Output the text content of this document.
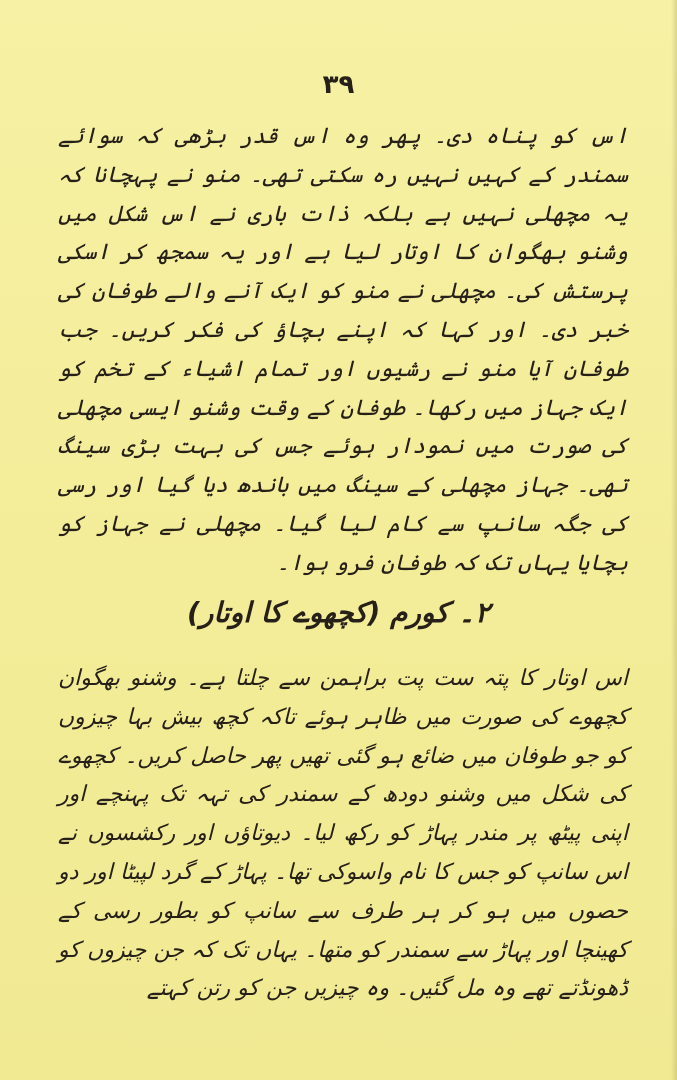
۳۹
اس کو پناہ دی۔ پھر وہ اس قدر بڑھی کہ سوائے سمندر کے کہیں نہیں رہ سکتی تھی۔ منو نے پہچانا کہ یہ مچھلی نہیں ہے بلکہ ذات باری نے اس شکل میں وشنو بھگوان کا اوتار لیا ہے اور یہ سمجھ کر اسکی پرستش کی۔ مچھلی نے منو کو ایک آنے والے طوفان کی خبر دی۔ اور کہا کہ اپنے بچاؤ کی فکر کریں۔ جب طوفان آیا منو نے رشیوں اور تمام اشیاء کے تخم کو ایک جہاز میں رکھا۔ طوفان کے وقت وشنو ایسی مچھلی کی صورت میں نمودار ہوئے جس کی بہت بڑی سینگ تھی۔ جہاز مچھلی کے سینگ میں باندھ دیا گیا اور رسی کی جگہ سانپ سے کام لیا گیا۔ مچھلی نے جہاز کو بچایا یہاں تک کہ طوفان فرو ہوا۔
۲۔ کورم (کچھوے کا اوتار)
اس اوتار کا پتہ ست پت براہمن سے چلتا ہے۔ وشنو بھگوان کچھوے کی صورت میں ظاہر ہوئے تاکہ کچھ بیش بہا چیزوں کو جو طوفان میں ضائع ہو گئی تھیں پھر حاصل کریں۔ کچھوے کی شکل میں وشنو دودھ کے سمندر کی تہہ تک پہنچے اور اپنی پیٹھ پر مندر پہاڑ کو رکھ لیا۔ دیوتاؤں اور رکشسوں نے اس سانپ کو جس کا نام واسوکی تھا۔ پہاڑ کے گرد لپیٹا اور دو حصوں میں ہو کر ہر طرف سے سانپ کو بطور رسی کے کھینچا اور پہاڑ سے سمندر کو متھا۔ یہاں تک کہ جن چیزوں کو ڈھونڈتے تھے وہ مل گئیں۔ وہ چیزیں جن کو رتن کہتے
